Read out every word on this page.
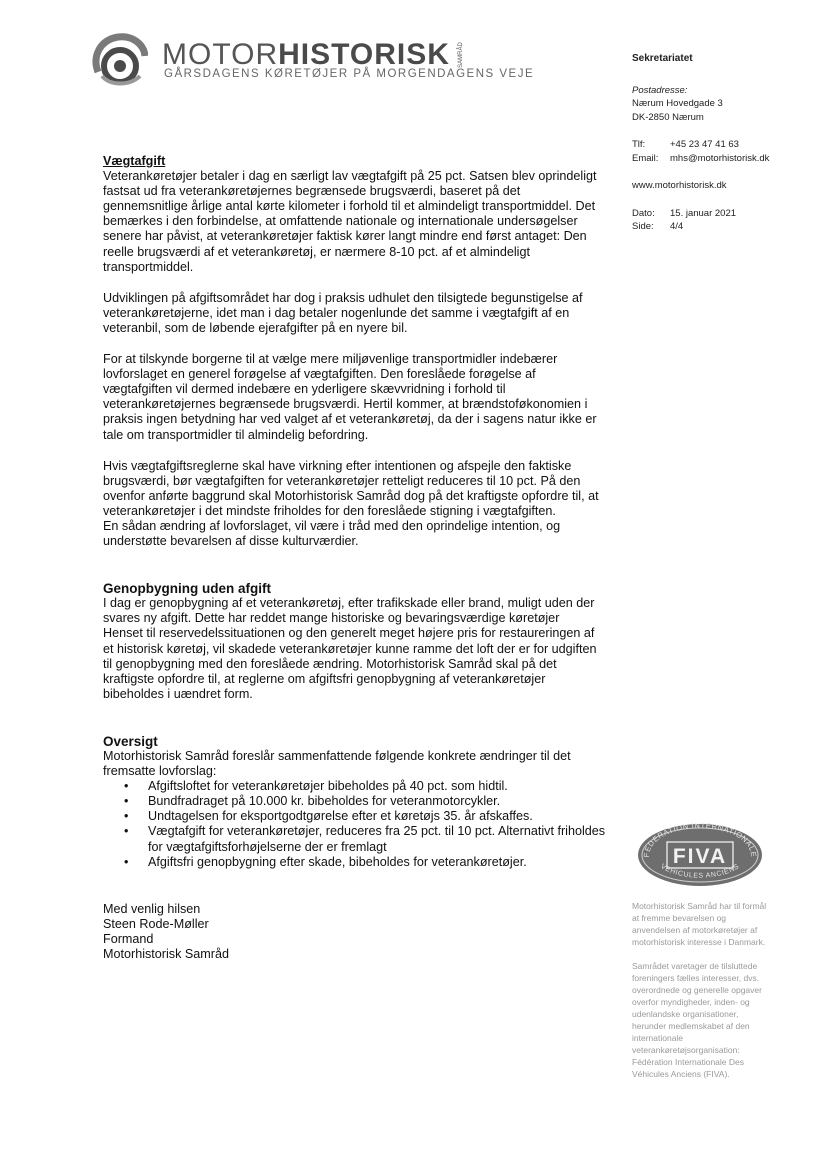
MOTORHISTORISK SAMRÅD
GÅRSDAGENS KØRETØJER PÅ MORGENDAGENS VEJE
Sekretariatet
Postadresse:
Nærum Hovedgade 3
DK-2850 Nærum
Tlf:	+45 23 47 41 63
Email:	mhs@motorhistorisk.dk
www.motorhistorisk.dk
Dato:	15. januar 2021
Side:	4/4
FEDERATION INTERNATIONALE
FIVA
VEHICULES ANCIENS
Motorhistorisk Samråd har til formål at fremme bevarelsen og anvendelsen af motorkøretøjer af motorhistorisk interesse i Danmark.
Samrådet varetager de tilsluttede foreningers fælles interesser, dvs. overordnede og generelle opgaver overfor myndigheder, inden- og udenlandske organisationer, herunder medlemskabet af den internationale veterankøretøjsorganisation: Fédération Internationale Des Véhicules Anciens (FIVA).

Vægtafgift

Veterankøretøjer betaler i dag en særligt lav vægtafgift på 25 pct. Satsen blev oprindeligt fastsat ud fra veterankøretøjernes begrænsede brugsværdi, baseret på det gennemsnitlige årlige antal kørte kilometer i forhold til et almindeligt transportmiddel. Det bemærkes i den forbindelse, at omfattende nationale og internationale undersøgelser senere har påvist, at veterankøretøjer faktisk kører langt mindre end først antaget: Den reelle brugsværdi af et veterankøretøj, er nærmere 8-10 pct. af et almindeligt transportmiddel.

Udviklingen på afgiftsområdet har dog i praksis udhulet den tilsigtede begunstigelse af veterankøretøjerne, idet man i dag betaler nogenlunde det samme i vægtafgift af en veteranbil, som de løbende ejerafgifter på en nyere bil.

For at tilskynde borgerne til at vælge mere miljøvenlige transportmidler indebærer lovforslaget en generel forøgelse af vægtafgiften. Den foreslåede forøgelse af vægtafgiften vil dermed indebære en yderligere skævvridning i forhold til veterankøretøjernes begrænsede brugsværdi. Hertil kommer, at brændstoføkonomien i praksis ingen betydning har ved valget af et veterankøretøj, da der i sagens natur ikke er tale om transportmidler til almindelig befordring.

Hvis vægtafgiftsreglerne skal have virkning efter intentionen og afspejle den faktiske brugsværdi, bør vægtafgiften for veterankøretøjer retteligt reduceres til 10 pct. På den ovenfor anførte baggrund skal Motorhistorisk Samråd dog på det kraftigste opfordre til, at veterankøretøjer i det mindste friholdes for den foreslåede stigning i vægtafgiften.

En sådan ændring af lovforslaget, vil være i tråd med den oprindelige intention, og understøtte bevarelsen af disse kulturværdier.

Genopbygning uden afgift

I dag er genopbygning af et veterankøretøj, efter trafikskade eller brand, muligt uden der svares ny afgift. Dette har reddet mange historiske og bevaringsværdige køretøjer

Henset til reservedelssituationen og den generelt meget højere pris for restaureringen af et historisk køretøj, vil skadede veterankøretøjer kunne ramme det loft der er for udgiften til genopbygning med den foreslåede ændring. Motorhistorisk Samråd skal på det kraftigste opfordre til, at reglerne om afgiftsfri genopbygning af veterankøretøjer bibeholdes i uændret form.

Oversigt

Motorhistorisk Samråd foreslår sammenfattende følgende konkrete ændringer til det fremsatte lovforslag:

• Afgiftsloftet for veterankøretøjer bibeholdes på 40 pct. som hidtil.
• Bundfradraget på 10.000 kr. bibeholdes for veteranmotorcykler.
• Undtagelsen for eksportgodtgørelse efter et køretøjs 35. år afskaffes.
• Vægtafgift for veterankøretøjer, reduceres fra 25 pct. til 10 pct. Alternativt friholdes for vægtafgiftsforhøjelserne der er fremlagt
• Afgiftsfri genopbygning efter skade, bibeholdes for veterankøretøjer.

Med venlig hilsen

Steen Rode-Møller

Formand

Motorhistorisk Samråd
